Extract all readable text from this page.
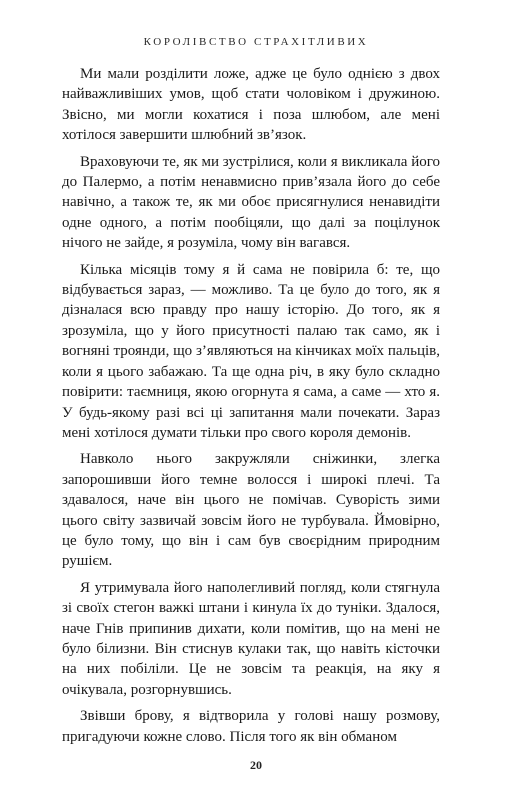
КОРОЛІВСТВО СТРАХІТЛИВИХ

Ми мали розділити ложе, адже це було однією з двох найважливіших умов, щоб стати чоловіком і дружиною. Звісно, ми могли кохатися і поза шлюбом, але мені хотілося завершити шлюбний зв’язок.

Враховуючи те, як ми зустрілися, коли я викликала його до Палермо, а потім ненавмисно прив’язала його до себе навічно, а також те, як ми обоє присягнулися ненавидіти одне одного, а потім пообіцяли, що далі за поцілунок нічого не зайде, я розуміла, чому він вагався.

Кілька місяців тому я й сама не повірила б: те, що відбувається зараз, — можливо. Та це було до того, як я дізналася всю правду про нашу історію. До того, як я зрозуміла, що у його присутності палаю так само, як і вогняні троянди, що з’являються на кінчиках моїх пальців, коли я цього забажаю. Та ще одна річ, в яку було складно повірити: таємниця, якою огорнута я сама, а саме — хто я. У будь-якому разі всі ці запитання мали почекати. Зараз мені хотілося думати тільки про свого короля демонів.

Навколо нього закружляли сніжинки, злегка запорошивши його темне волосся і широкі плечі. Та здавалося, наче він цього не помічав. Суворість зими цього світу зазвичай зовсім його не турбувала. Ймовірно, це було тому, що він і сам був своєрідним природним рушієм.

Я утримувала його наполегливий погляд, коли стягнула зі своїх стегон важкі штани і кинула їх до туніки. Здалося, наче Гнів припинив дихати, коли помітив, що на мені не було білизни. Він стиснув кулаки так, що навіть кісточки на них побіліли. Це не зовсім та реакція, на яку я очікувала, розгорнувшись.

Звівши брову, я відтворила у голові нашу розмову, пригадуючи кожне слово. Після того як він обманом

20
